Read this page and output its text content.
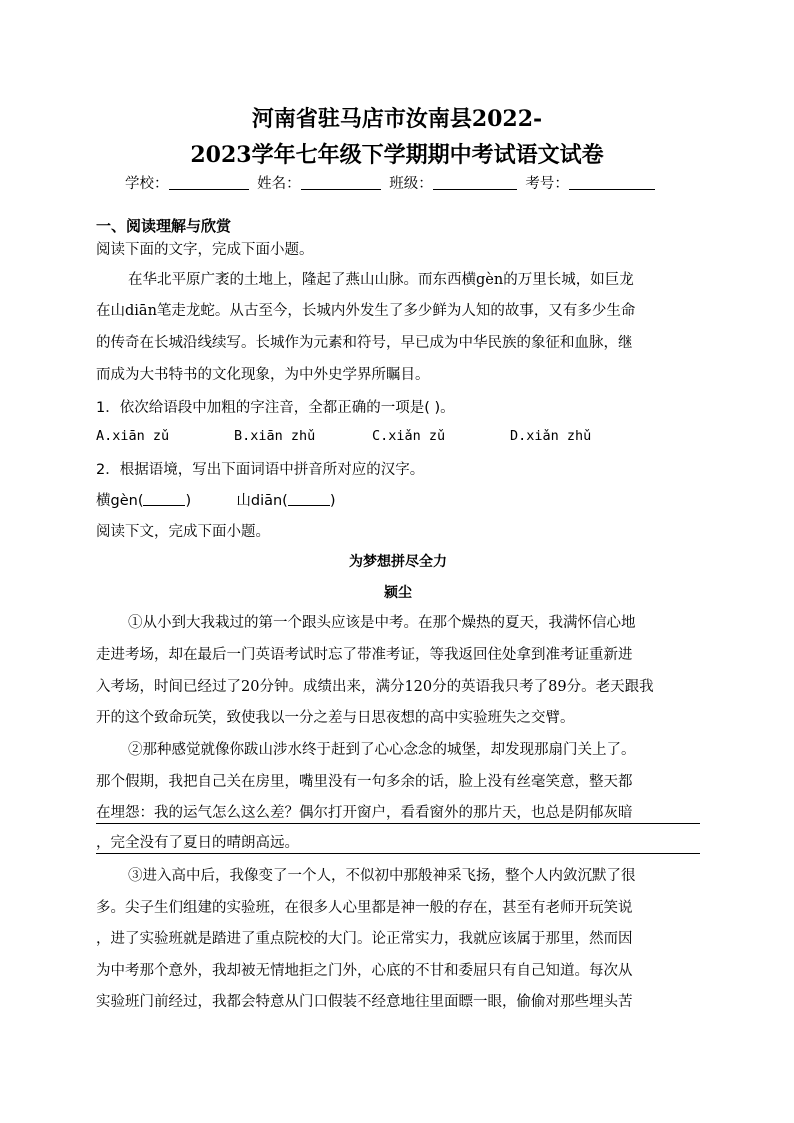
河南省驻马店市汝南县2022-
2023学年七年级下学期期中考试语文试卷
学校：	姓名：	班级：	考号：
一、阅读理解与欣赏
阅读下面的文字，完成下面小题。
在华北平原广袤的土地上，隆起了燕山山脉。而东西横gèn的万里长城，如巨龙
在山diān笔走龙蛇。从古至今，长城内外发生了多少鲜为人知的故事，又有多少生命
的传奇在长城沿线续写。长城作为元素和符号，早已成为中华民族的象征和血脉，继
而成为大书特书的文化现象，为中外史学界所瞩目。
1．依次给语段中加粗的字注音，全都正确的一项是( )。
A.xiān zǔ	B.xiān zhǔ	C.xiǎn zǔ	D.xiǎn zhǔ
2．根据语境，写出下面词语中拼音所对应的汉字。
横gèn(	)	山diān(	)
阅读下文，完成下面小题。
为梦想拼尽全力
颍尘
①从小到大我栽过的第一个跟头应该是中考。在那个燥热的夏天，我满怀信心地
走进考场，却在最后一门英语考试时忘了带准考证，等我返回住处拿到准考证重新进
入考场，时间已经过了20分钟。成绩出来，满分120分的英语我只考了89分。老天跟我
开的这个致命玩笑，致使我以一分之差与日思夜想的高中实验班失之交臂。
②那种感觉就像你跋山涉水终于赶到了心心念念的城堡，却发现那扇门关上了。
那个假期，我把自己关在房里，嘴里没有一句多余的话，脸上没有丝毫笑意，整天都
在埋怨：我的运气怎么这么差？偶尔打开窗户，看看窗外的那片天，也总是阴郁灰暗
，完全没有了夏日的晴朗高远。
③进入高中后，我像变了一个人，不似初中那般神采飞扬，整个人内敛沉默了很
多。尖子生们组建的实验班，在很多人心里都是神一般的存在，甚至有老师开玩笑说
，进了实验班就是踏进了重点院校的大门。论正常实力，我就应该属于那里，然而因
为中考那个意外，我却被无情地拒之门外，心底的不甘和委屈只有自己知道。每次从
实验班门前经过，我都会特意从门口假装不经意地往里面瞟一眼，偷偷对那些埋头苦
